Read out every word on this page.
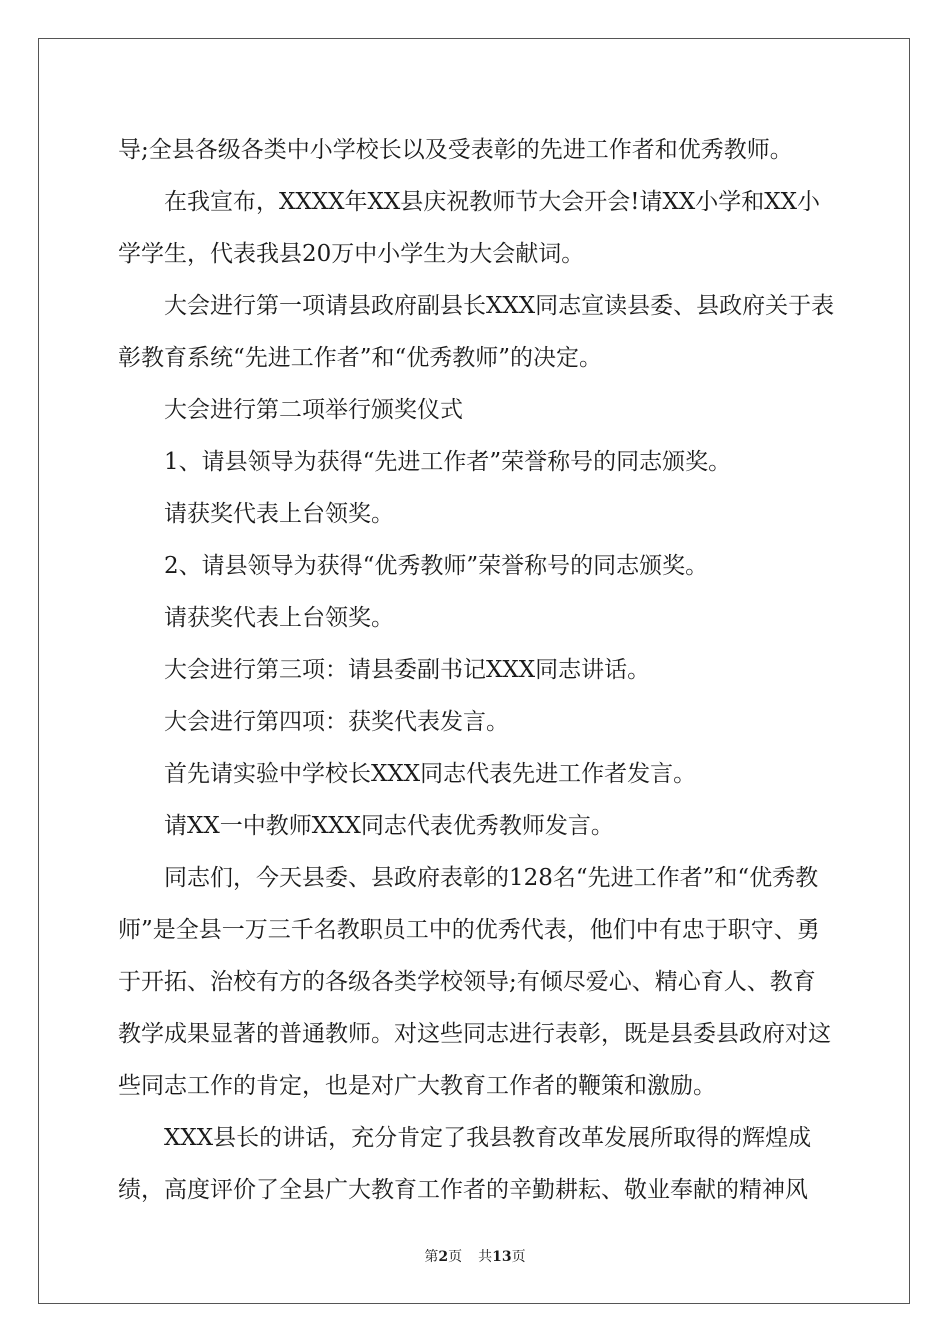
导;全县各级各类中小学校长以及受表彰的先进工作者和优秀教师。

在我宣布，XXXX年XX县庆祝教师节大会开会!请XX小学和XX小学学生，代表我县20万中小学生为大会献词。

大会进行第一项请县政府副县长XXX同志宣读县委、县政府关于表彰教育系统“先进工作者”和“优秀教师”的决定。

大会进行第二项举行颁奖仪式

1、请县领导为获得“先进工作者”荣誉称号的同志颁奖。

请获奖代表上台领奖。

2、请县领导为获得“优秀教师”荣誉称号的同志颁奖。

请获奖代表上台领奖。

大会进行第三项：请县委副书记XXX同志讲话。

大会进行第四项：获奖代表发言。

首先请实验中学校长XXX同志代表先进工作者发言。

请XX一中教师XXX同志代表优秀教师发言。

同志们，今天县委、县政府表彰的128名“先进工作者”和“优秀教师”是全县一万三千名教职员工中的优秀代表，他们中有忠于职守、勇于开拓、治校有方的各级各类学校领导;有倾尽爱心、精心育人、教育教学成果显著的普通教师。对这些同志进行表彰，既是县委县政府对这些同志工作的肯定，也是对广大教育工作者的鞭策和激励。

XXX县长的讲话，充分肯定了我县教育改革发展所取得的辉煌成绩，高度评价了全县广大教育工作者的辛勤耕耘、敬业奉献的精神风

第2页 共13页
